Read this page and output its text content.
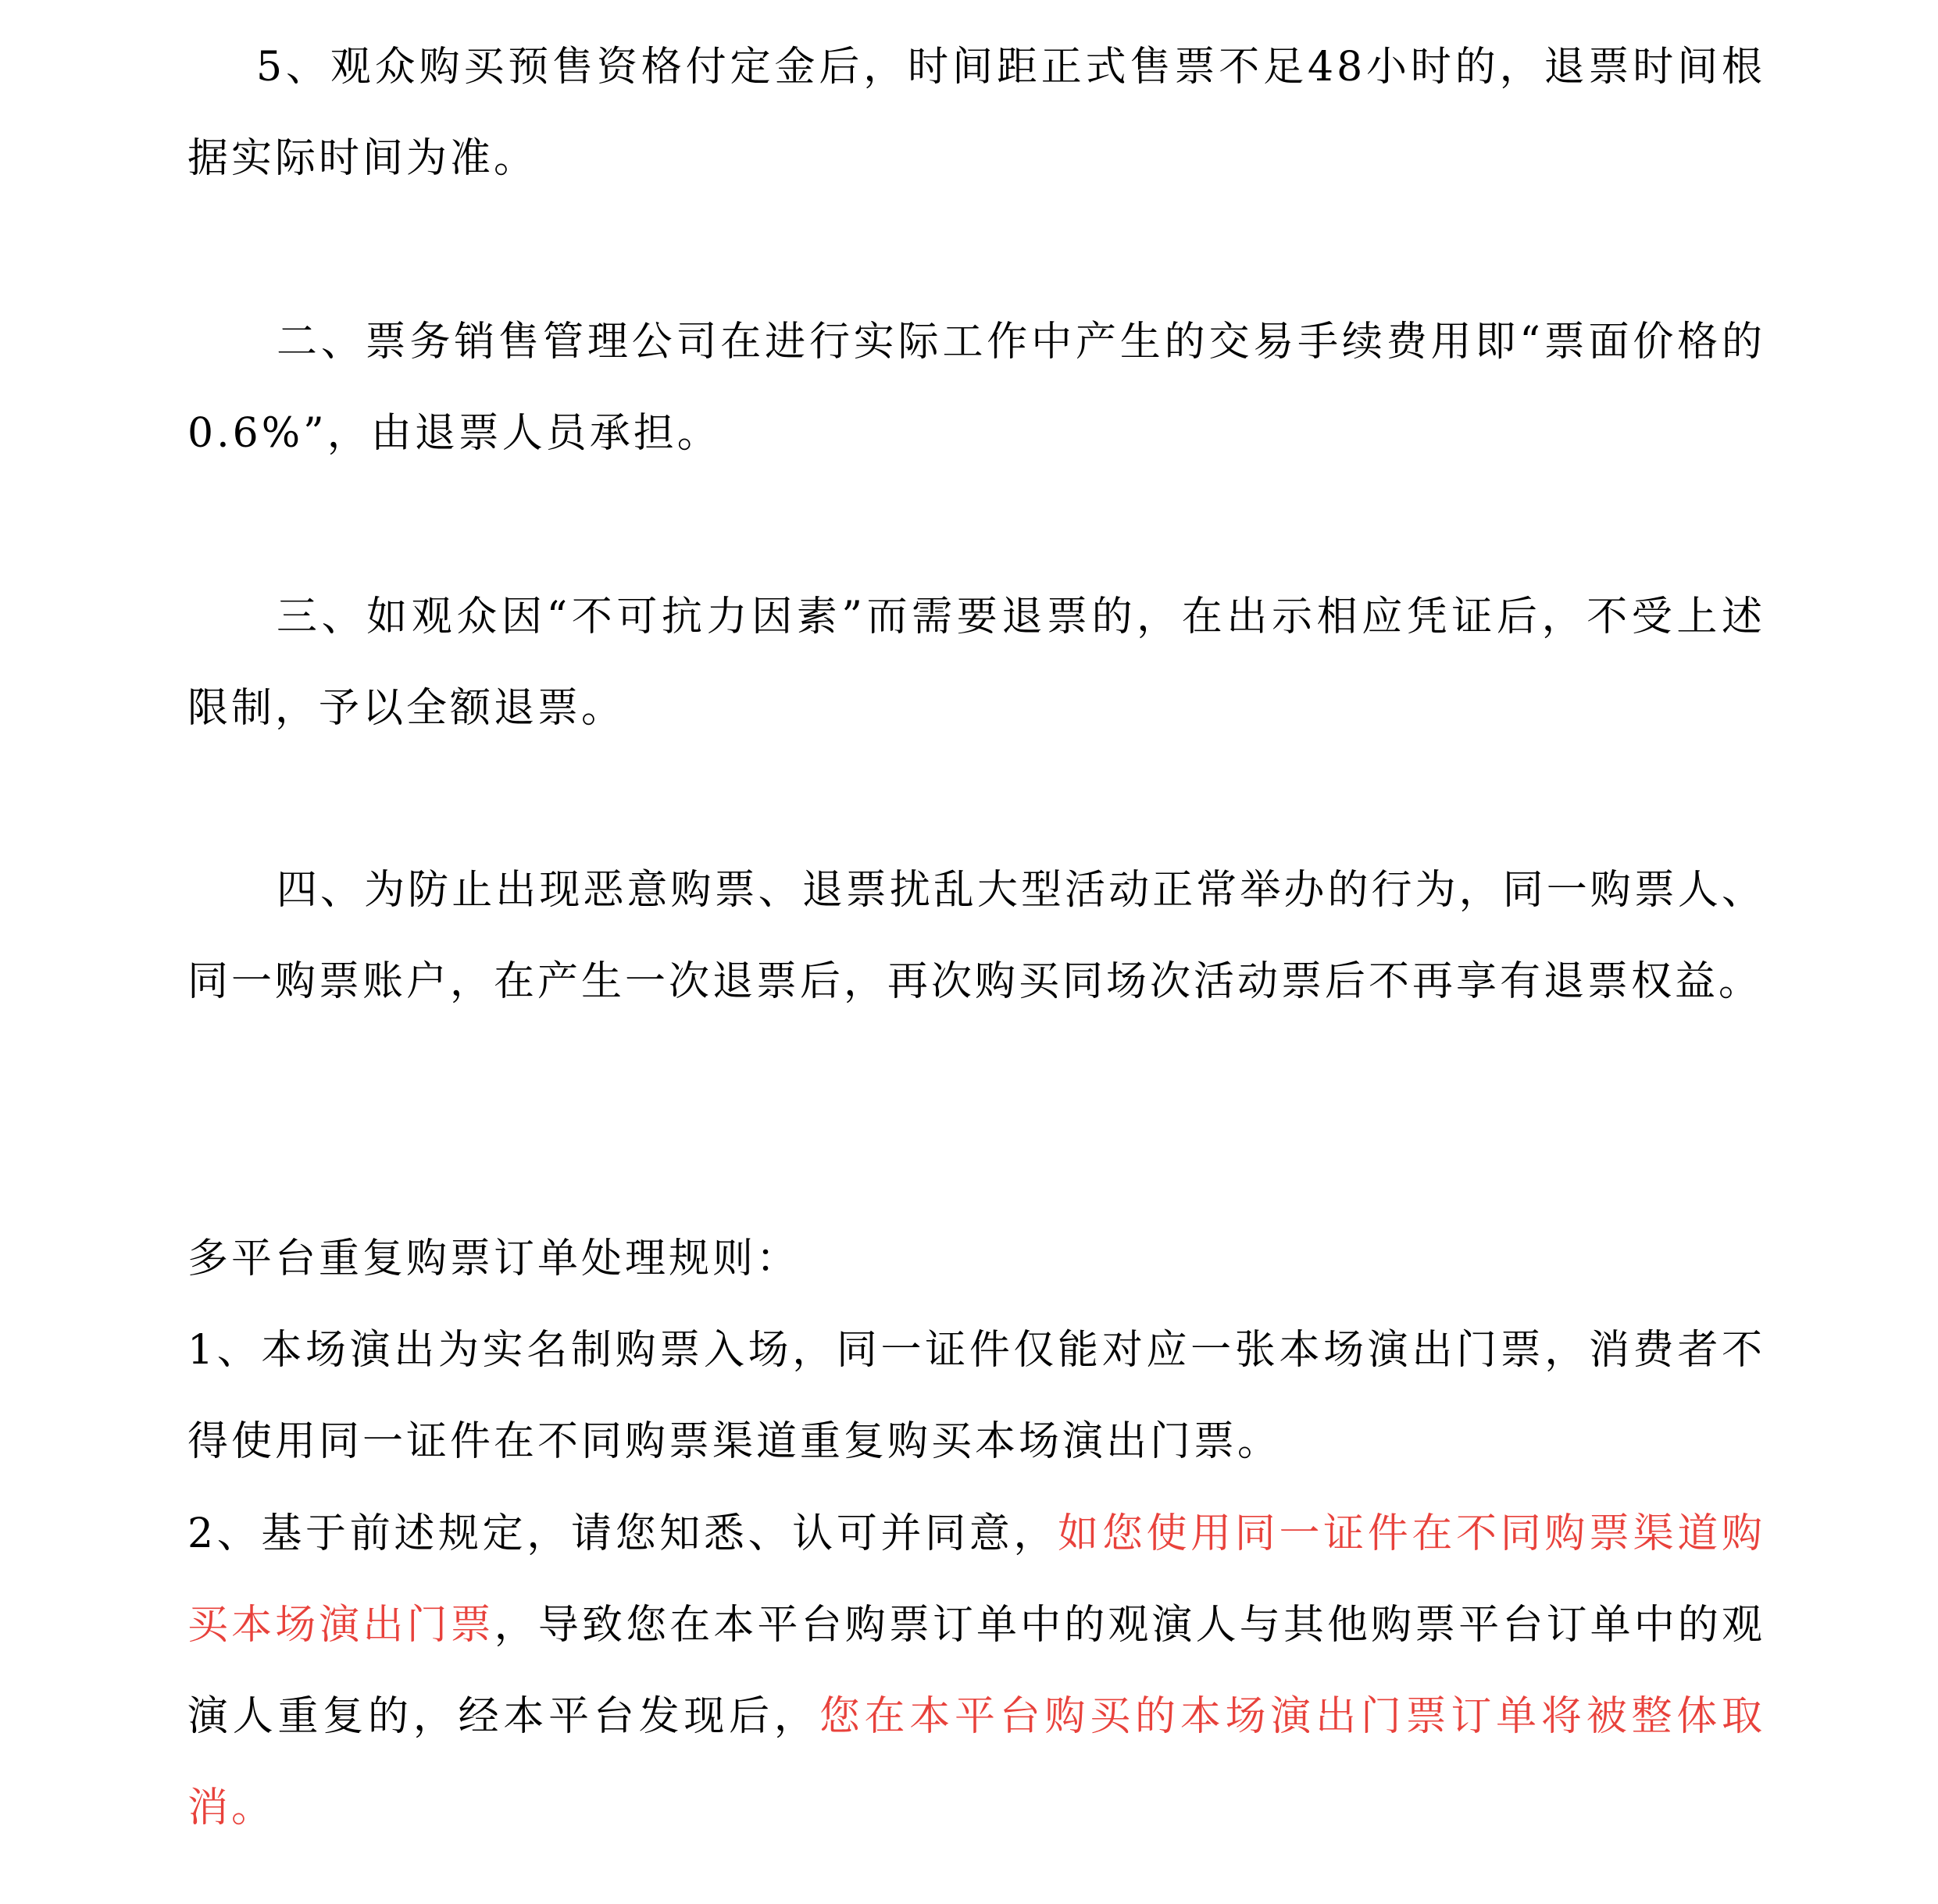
5、观众购买预售资格付定金后，时间距正式售票不足48小时的，退票时间根据实际时间为准。

二、票务销售管理公司在进行实际工作中产生的交易手续费用即“票面价格的0.6%”，由退票人员承担。

三、如观众因“不可抗力因素”而需要退票的，在出示相应凭证后，不受上述限制，予以全额退票。

四、为防止出现恶意购票、退票扰乱大型活动正常举办的行为，同一购票人、同一购票账户，在产生一次退票后，再次购买同场次活动票后不再享有退票权益。

多平台重复购票订单处理规则：

1、本场演出为实名制购票入场，同一证件仅能对应一张本场演出门票，消费者不得使用同一证件在不同购票渠道重复购买本场演出门票。

2、基于前述规定，请您知悉、认可并同意，如您使用同一证件在不同购票渠道购买本场演出门票，导致您在本平台购票订单中的观演人与其他购票平台订单中的观演人重复的，经本平台发现后，您在本平台购买的本场演出门票订单将被整体取消。
